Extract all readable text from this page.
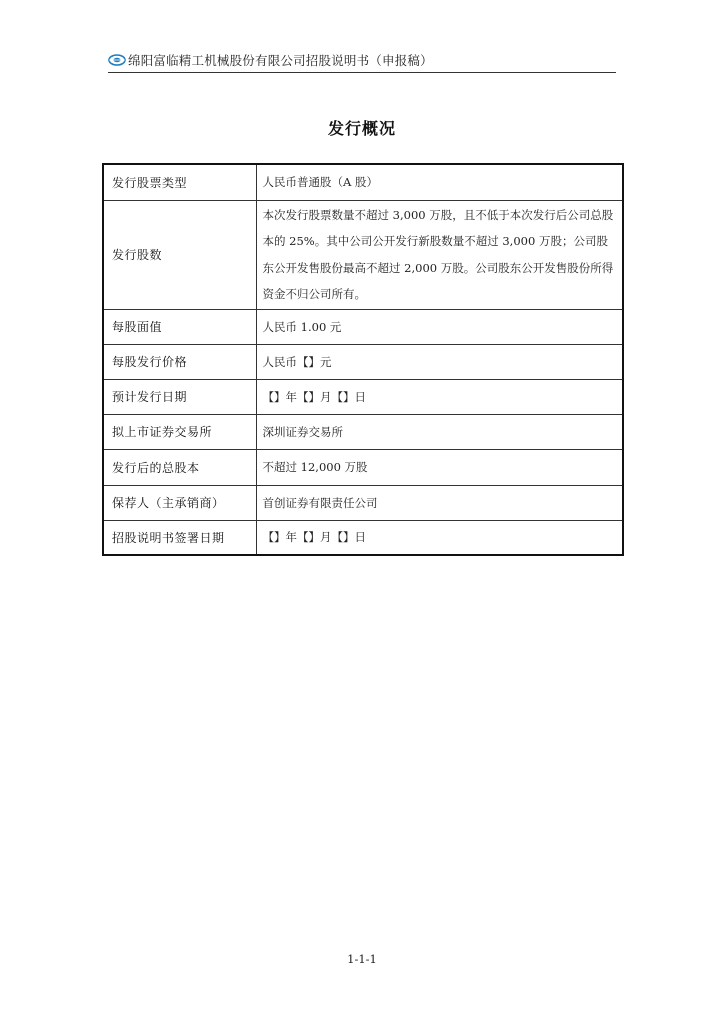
绵阳富临精工机械股份有限公司招股说明书（申报稿）
发行概况
发行股票类型	人民币普通股（A 股）
发行股数	本次发行股票数量不超过 3,000 万股，且不低于本次发行后公司总股本的 25%。其中公司公开发行新股数量不超过 3,000 万股；公司股东公开发售股份最高不超过 2,000 万股。公司股东公开发售股份所得资金不归公司所有。
每股面值	人民币 1.00 元
每股发行价格	人民币【】元
预计发行日期	【】年【】月【】日
拟上市证券交易所	深圳证券交易所
发行后的总股本	不超过 12,000 万股
保荐人（主承销商）	首创证券有限责任公司
招股说明书签署日期	【】年【】月【】日
1-1-1
